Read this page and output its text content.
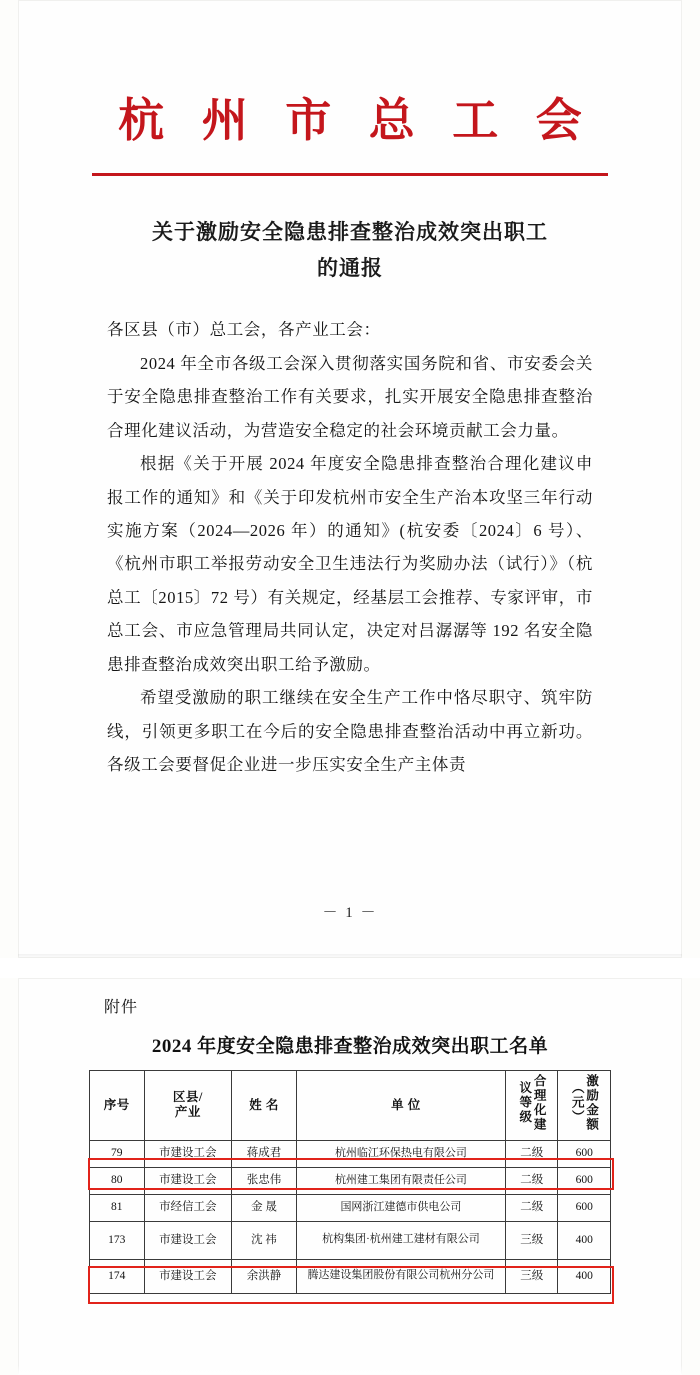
杭 州 市 总 工 会
关于激励安全隐患排查整治成效突出职工
的通报

各区县（市）总工会，各产业工会：

2024 年全市各级工会深入贯彻落实国务院和省、市安委会关于安全隐患排查整治工作有关要求，扎实开展安全隐患排查整治合理化建议活动，为营造安全稳定的社会环境贡献工会力量。

根据《关于开展 2024 年度安全隐患排查整治合理化建议申报工作的通知》和《关于印发杭州市安全生产治本攻坚三年行动实施方案（2024—2026 年）的通知》(杭安委〔2024〕6 号）、《杭州市职工举报劳动安全卫生违法行为奖励办法（试行）》（杭总工〔2015〕72 号）有关规定，经基层工会推荐、专家评审，市总工会、市应急管理局共同认定，决定对吕潺潺等 192 名安全隐患排查整治成效突出职工给予激励。

希望受激励的职工继续在安全生产工作中恪尽职守、筑牢防线，引领更多职工在今后的安全隐患排查整治活动中再立新功。各级工会要督促企业进一步压实安全生产主体责

－ 1 －
附件
2024 年度安全隐患排查整治成效突出职工名单
序号	区县/
产业	姓 名	单 位	合理化建议等级	激励金额（元）
79	市建设工会	蒋成君	杭州临江环保热电有限公司	二级	600
80	市建设工会	张忠伟	杭州建工集团有限责任公司	二级	600
81	市经信工会	金 晟	国网浙江建德市供电公司	二级	600
173	市建设工会	沈 祎	杭构集团·杭州建工建材有限公司	三级	400
174	市建设工会	余洪静	腾达建设集团股份有限公司杭州分公司	三级	400
